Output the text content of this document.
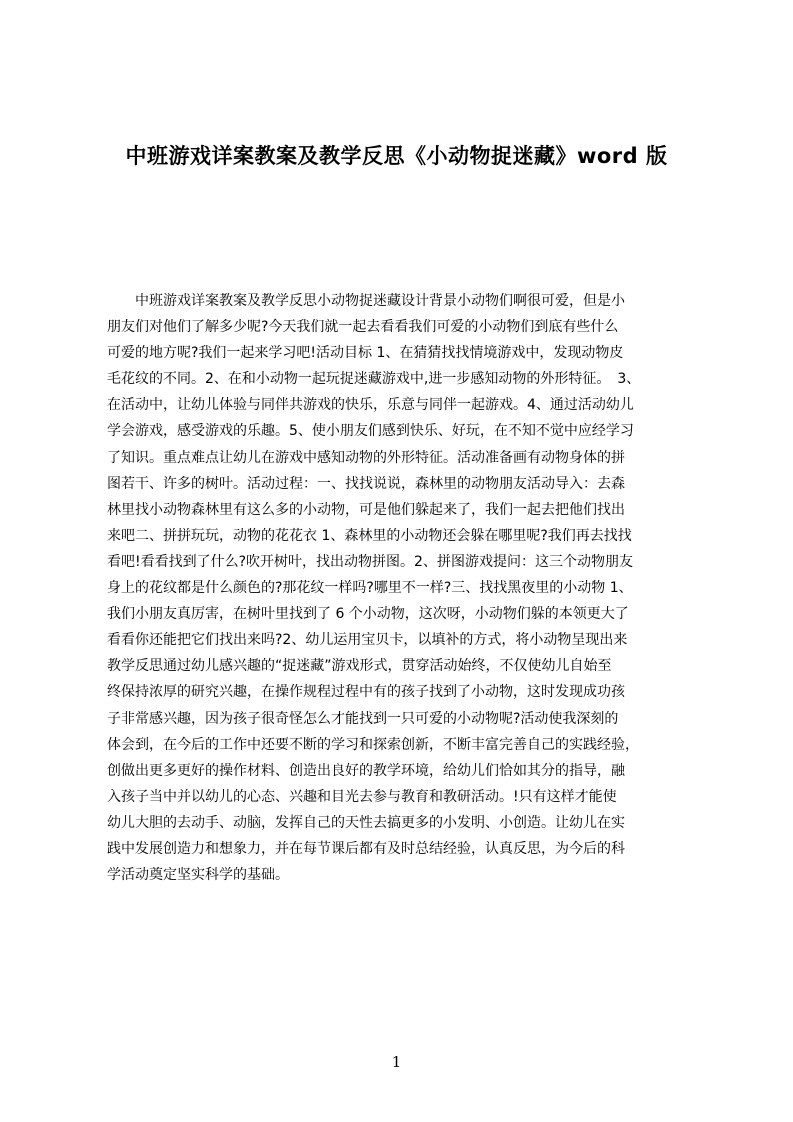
中班游戏详案教案及教学反思《小动物捉迷藏》word 版
　　中班游戏详案教案及教学反思小动物捉迷藏设计背景小动物们啊很可爱，但是小
朋友们对他们了解多少呢?今天我们就一起去看看我们可爱的小动物们到底有些什么
可爱的地方呢?我们一起来学习吧!活动目标 1、在猜猜找找情境游戏中，发现动物皮
毛花纹的不同。2、在和小动物一起玩捉迷藏游戏中,进一步感知动物的外形特征。　3、
在活动中，让幼儿体验与同伴共游戏的快乐，乐意与同伴一起游戏。4、通过活动幼儿
学会游戏，感受游戏的乐趣。5、使小朋友们感到快乐、好玩，在不知不觉中应经学习
了知识。重点难点让幼儿在游戏中感知动物的外形特征。活动准备画有动物身体的拼
图若干、许多的树叶。活动过程：一、找找说说，森林里的动物朋友活动导入：去森
林里找小动物森林里有这么多的小动物，可是他们躲起来了，我们一起去把他们找出
来吧二、拼拼玩玩，动物的花花衣 1、森林里的小动物还会躲在哪里呢?我们再去找找
看吧!看看找到了什么?吹开树叶，找出动物拼图。2、拼图游戏提问：这三个动物朋友
身上的花纹都是什么颜色的?那花纹一样吗?哪里不一样?三、找找黑夜里的小动物 1、
我们小朋友真厉害，在树叶里找到了 6 个小动物，这次呀，小动物们躲的本领更大了
看看你还能把它们找出来吗?2、幼儿运用宝贝卡，以填补的方式，将小动物呈现出来
教学反思通过幼儿感兴趣的“捉迷藏”游戏形式，贯穿活动始终，不仅使幼儿自始至
终保持浓厚的研究兴趣，在操作规程过程中有的孩子找到了小动物，这时发现成功孩
子非常感兴趣，因为孩子很奇怪怎么才能找到一只可爱的小动物呢?活动使我深刻的
体会到，在今后的工作中还要不断的学习和探索创新，不断丰富完善自己的实践经验，
创做出更多更好的操作材料、创造出良好的教学环境，给幼儿们恰如其分的指导，融
入孩子当中并以幼儿的心态、兴趣和目光去参与教育和教研活动。!只有这样才能使
幼儿大胆的去动手、动脑，发挥自己的天性去搞更多的小发明、小创造。让幼儿在实
践中发展创造力和想象力，并在每节课后都有及时总结经验，认真反思，为今后的科
学活动奠定坚实科学的基础。
1
